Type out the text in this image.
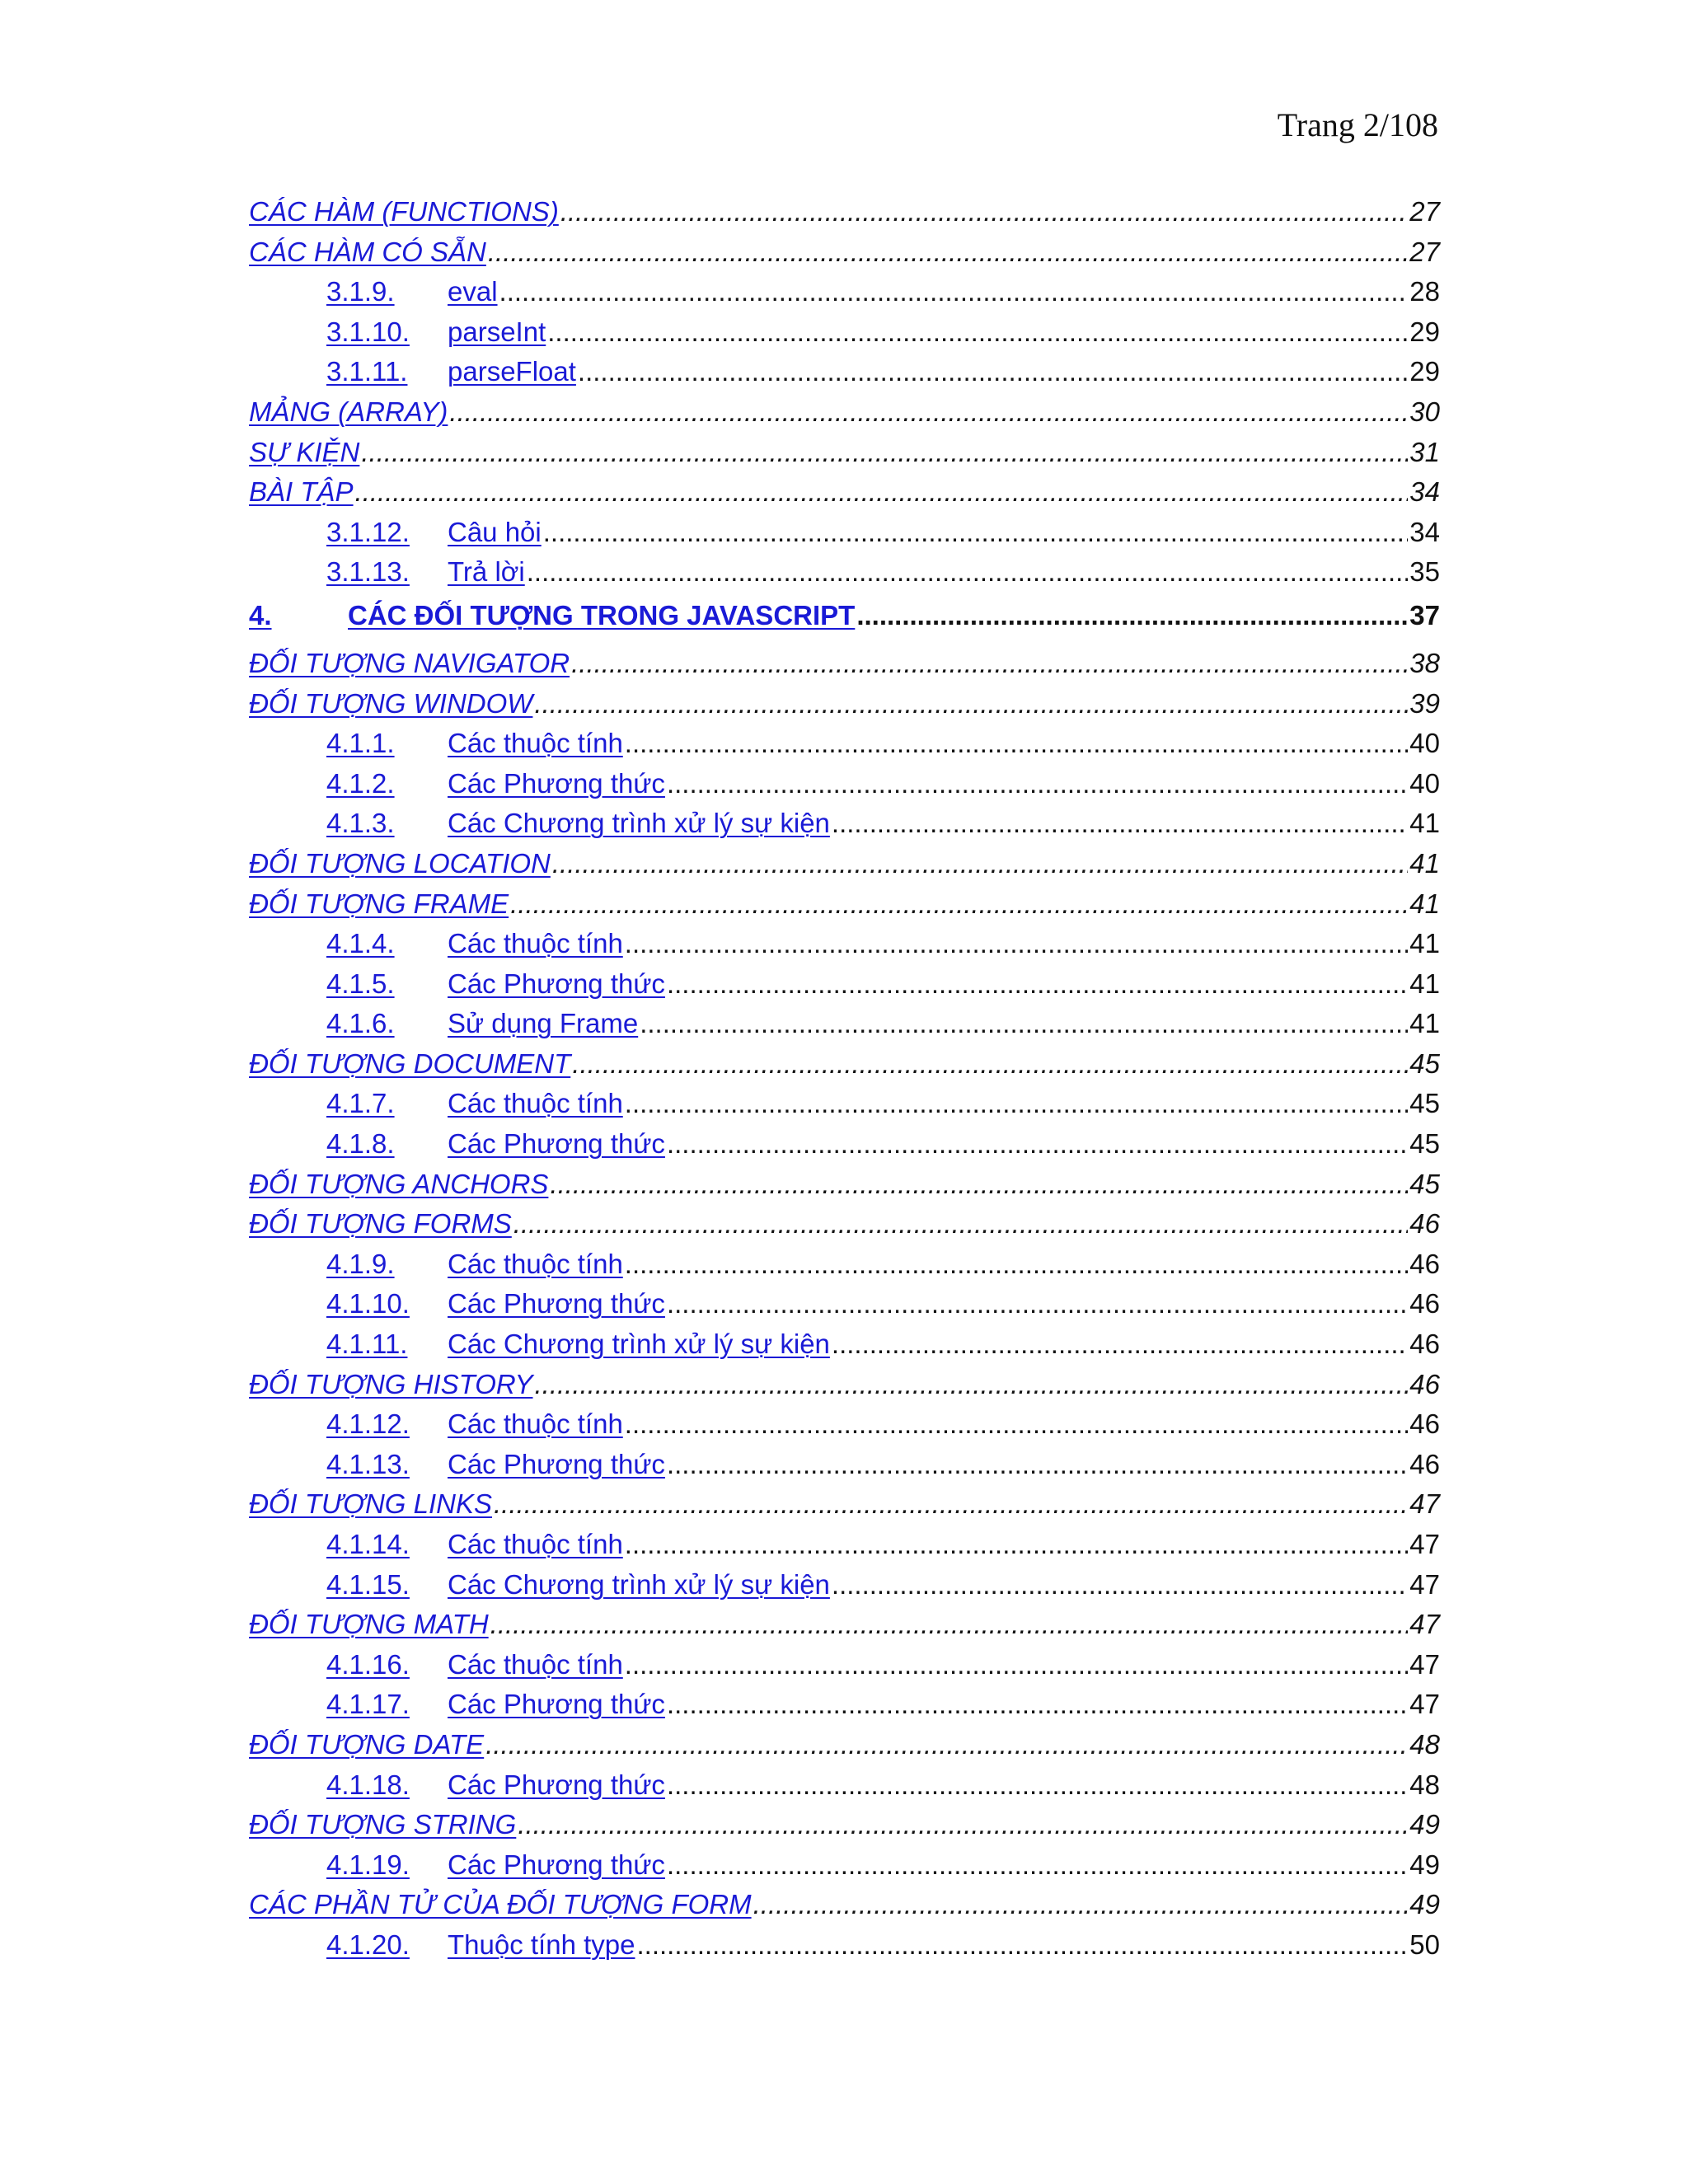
Trang 2/108
CÁC HÀM (FUNCTIONS) .....	27
CÁC HÀM CÓ SẴN .....	27
3.1.9.	eval .....	28
3.1.10.	parseInt .....	29
3.1.11.	parseFloat .....	29
MẢNG (ARRAY) .....	30
SỰ KIỆN .....	31
BÀI TẬP .....	34
3.1.12.	Câu hỏi .....	34
3.1.13.	Trả lời .....	35
4.	CÁC ĐỐI TƯỢNG TRONG JAVASCRIPT .....	37
ĐỐI TƯỢNG NAVIGATOR .....	38
ĐỐI TƯỢNG WINDOW .....	39
4.1.1.	Các thuộc tính .....	40
4.1.2.	Các Phương thức .....	40
4.1.3.	Các Chương trình xử lý sự kiện .....	41
ĐỐI TƯỢNG LOCATION .....	41
ĐỐI TƯỢNG FRAME .....	41
4.1.4.	Các thuộc tính .....	41
4.1.5.	Các Phương thức .....	41
4.1.6.	Sử dụng Frame .....	41
ĐỐI TƯỢNG DOCUMENT .....	45
4.1.7.	Các thuộc tính .....	45
4.1.8.	Các Phương thức .....	45
ĐỐI TƯỢNG ANCHORS .....	45
ĐỐI TƯỢNG FORMS .....	46
4.1.9.	Các thuộc tính .....	46
4.1.10.	Các Phương thức .....	46
4.1.11.	Các Chương trình xử lý sự kiện .....	46
ĐỐI TƯỢNG HISTORY .....	46
4.1.12.	Các thuộc tính .....	46
4.1.13.	Các Phương thức .....	46
ĐỐI TƯỢNG LINKS .....	47
4.1.14.	Các thuộc tính .....	47
4.1.15.	Các Chương trình xử lý sự kiện .....	47
ĐỐI TƯỢNG MATH .....	47
4.1.16.	Các thuộc tính .....	47
4.1.17.	Các Phương thức .....	47
ĐỐI TƯỢNG DATE .....	48
4.1.18.	Các Phương thức .....	48
ĐỐI TƯỢNG STRING .....	49
4.1.19.	Các Phương thức .....	49
CÁC PHẦN TỬ CỦA ĐỐI TƯỢNG FORM .....	49
4.1.20.	Thuộc tính type .....	50
